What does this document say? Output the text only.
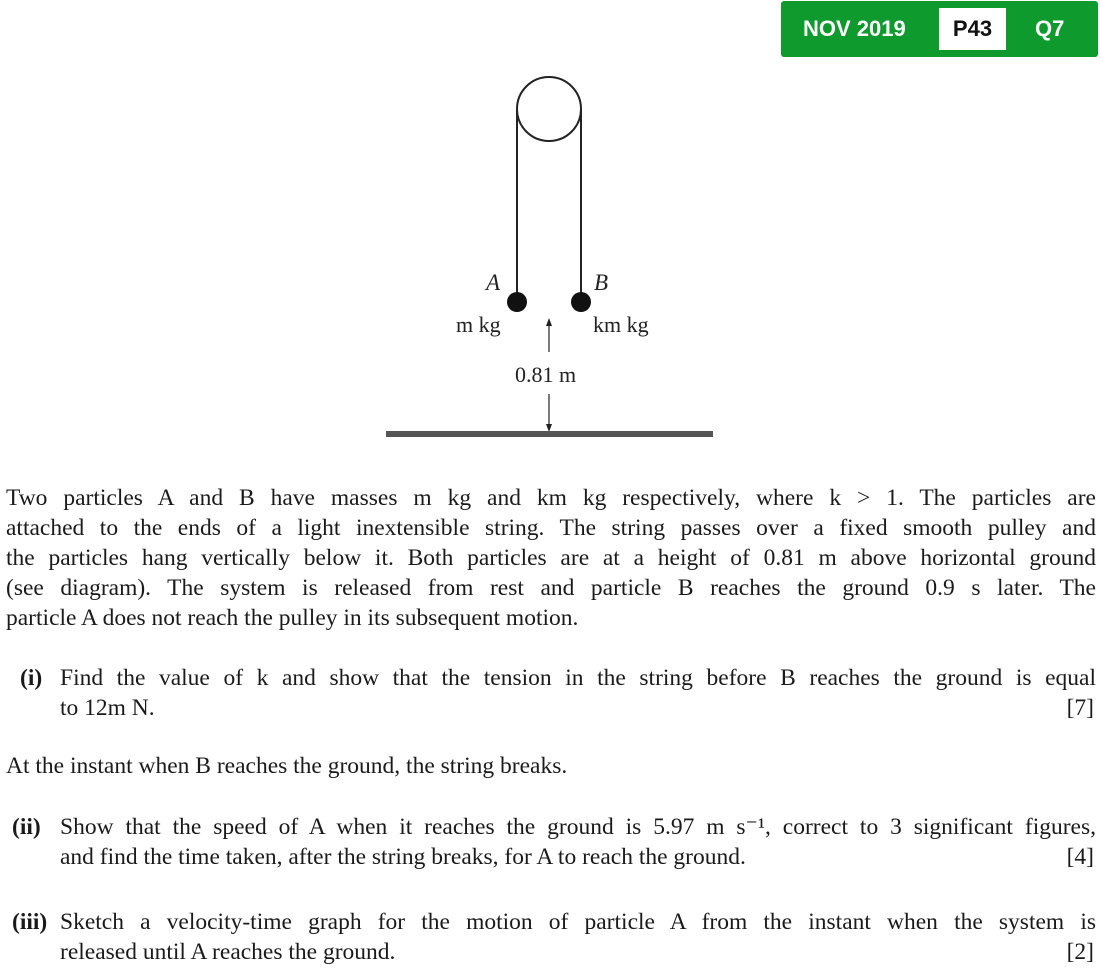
NOV 2019	P43	Q7
A	B
m kg	km kg
0.81 m
Two particles A and B have masses m kg and km kg respectively, where k > 1. The particles are
attached to the ends of a light inextensible string. The string passes over a fixed smooth pulley and
the particles hang vertically below it. Both particles are at a height of 0.81 m above horizontal ground
(see diagram). The system is released from rest and particle B reaches the ground 0.9 s later. The
particle A does not reach the pulley in its subsequent motion.
(i) Find the value of k and show that the tension in the string before B reaches the ground is equal
to 12m N.	[7]
At the instant when B reaches the ground, the string breaks.
(ii) Show that the speed of A when it reaches the ground is 5.97 m s⁻¹, correct to 3 significant figures,
and find the time taken, after the string breaks, for A to reach the ground.	[4]
(iii) Sketch a velocity-time graph for the motion of particle A from the instant when the system is
released until A reaches the ground.	[2]
